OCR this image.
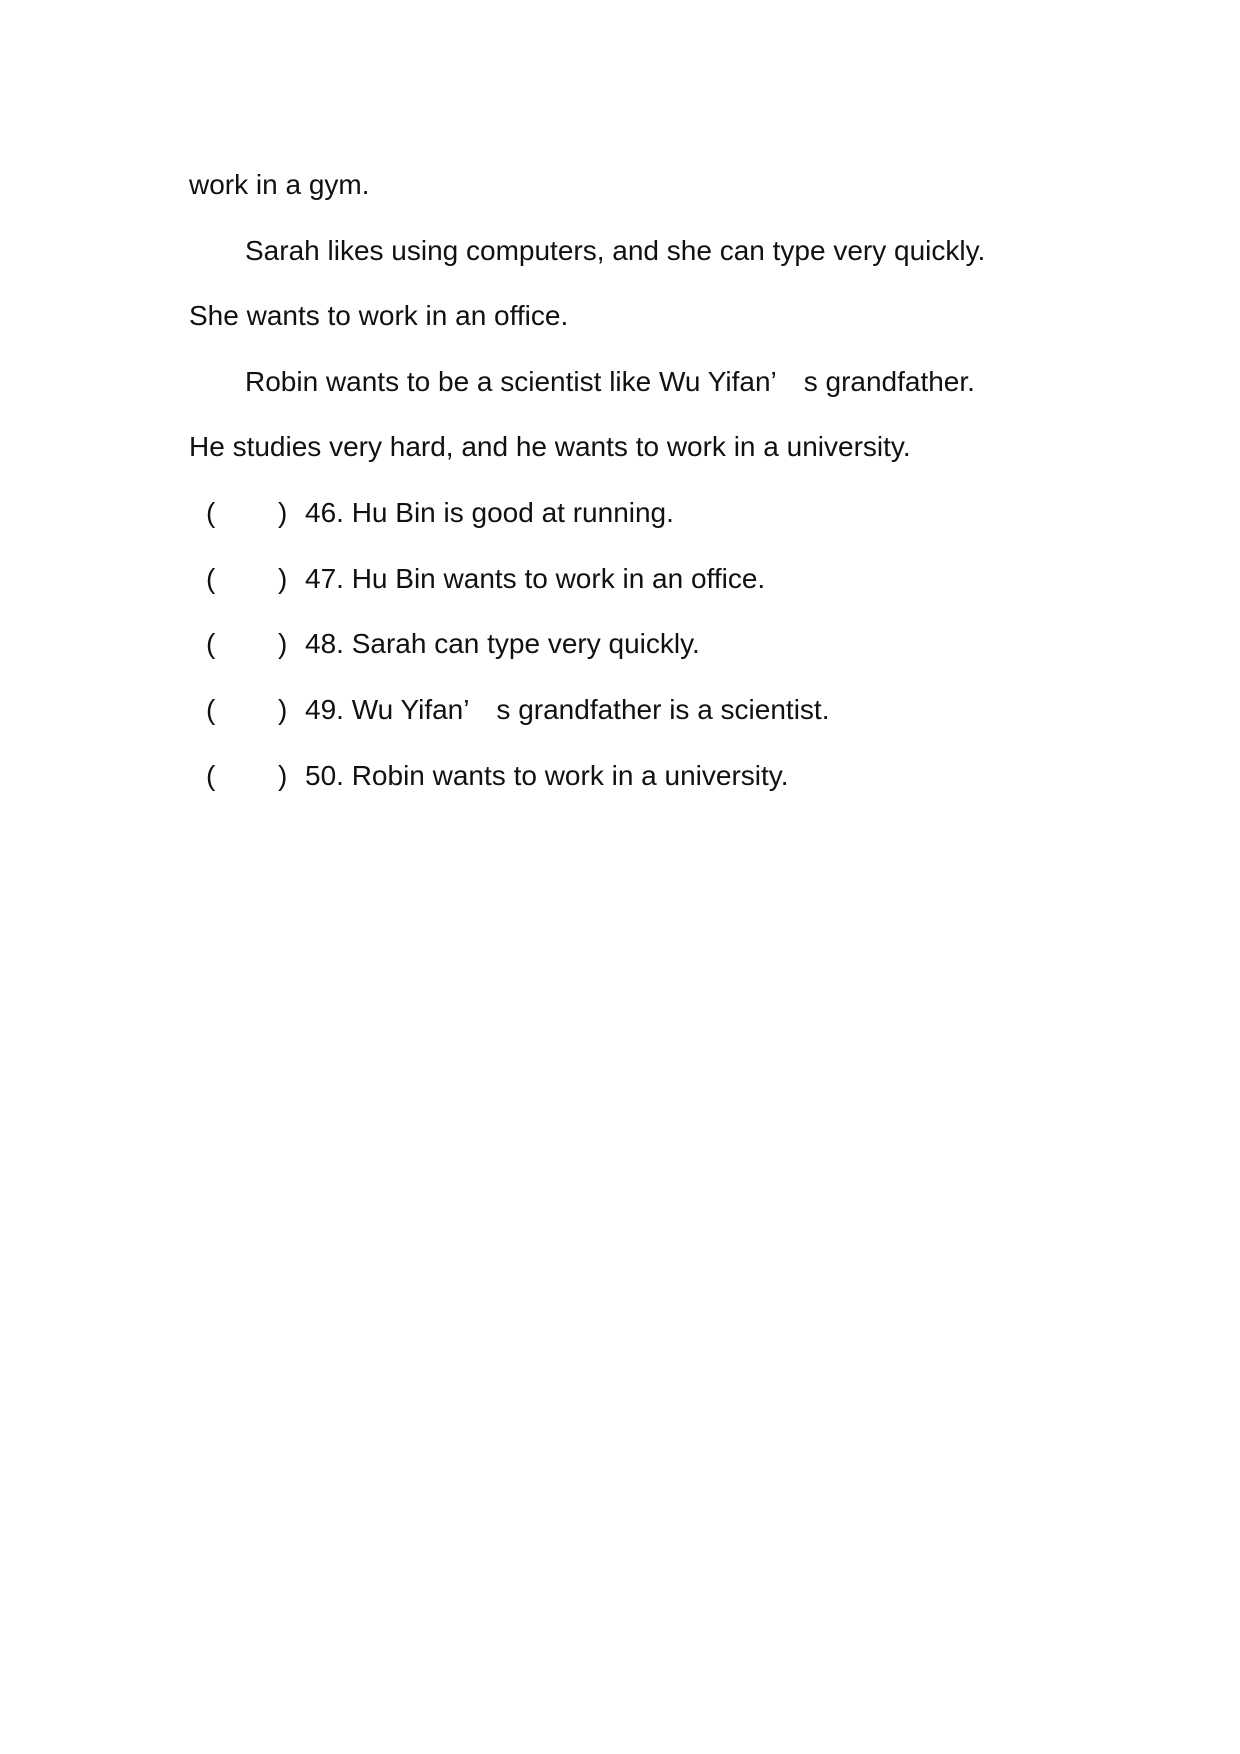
work in a gym.
Sarah likes using computers, and she can type very quickly.
She wants to work in an office.
Robin wants to be a scientist like Wu Yifan’　s grandfather.
He studies very hard, and he wants to work in a university.
(	) 46. Hu Bin is good at running.
(	) 47. Hu Bin wants to work in an office.
(	) 48. Sarah can type very quickly.
(	) 49. Wu Yifan’　s grandfather is a scientist.
(	) 50. Robin wants to work in a university.
